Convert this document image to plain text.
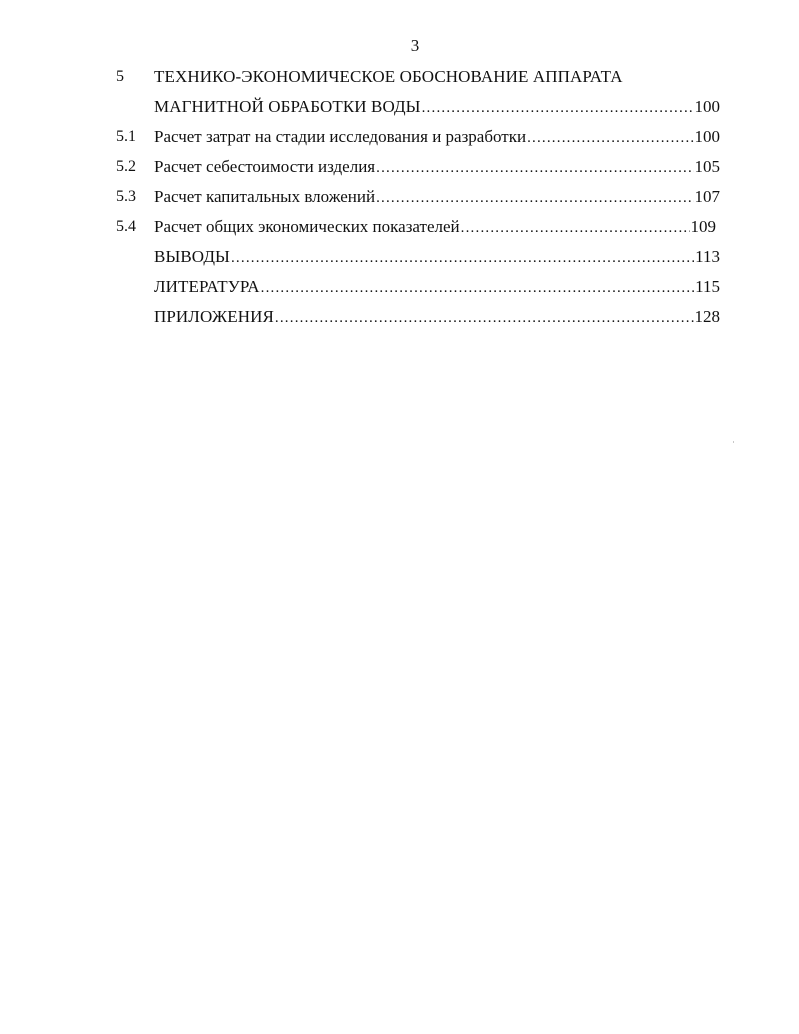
3
5	ТЕХНИКО-ЭКОНОМИЧЕСКОЕ ОБОСНОВАНИЕ АППАРАТА
МАГНИТНОЙ ОБРАБОТКИ ВОДЫ .....	100
5.1	Расчет затрат на стадии исследования и разработки .....	100
5.2	Расчет себестоимости изделия .....	105
5.3	Расчет капитальных вложений .....	107
5.4	Расчет общих экономических показателей .....	109
ВЫВОДЫ .....	113
ЛИТЕРАТУРА .....	115
ПРИЛОЖЕНИЯ .....	128
